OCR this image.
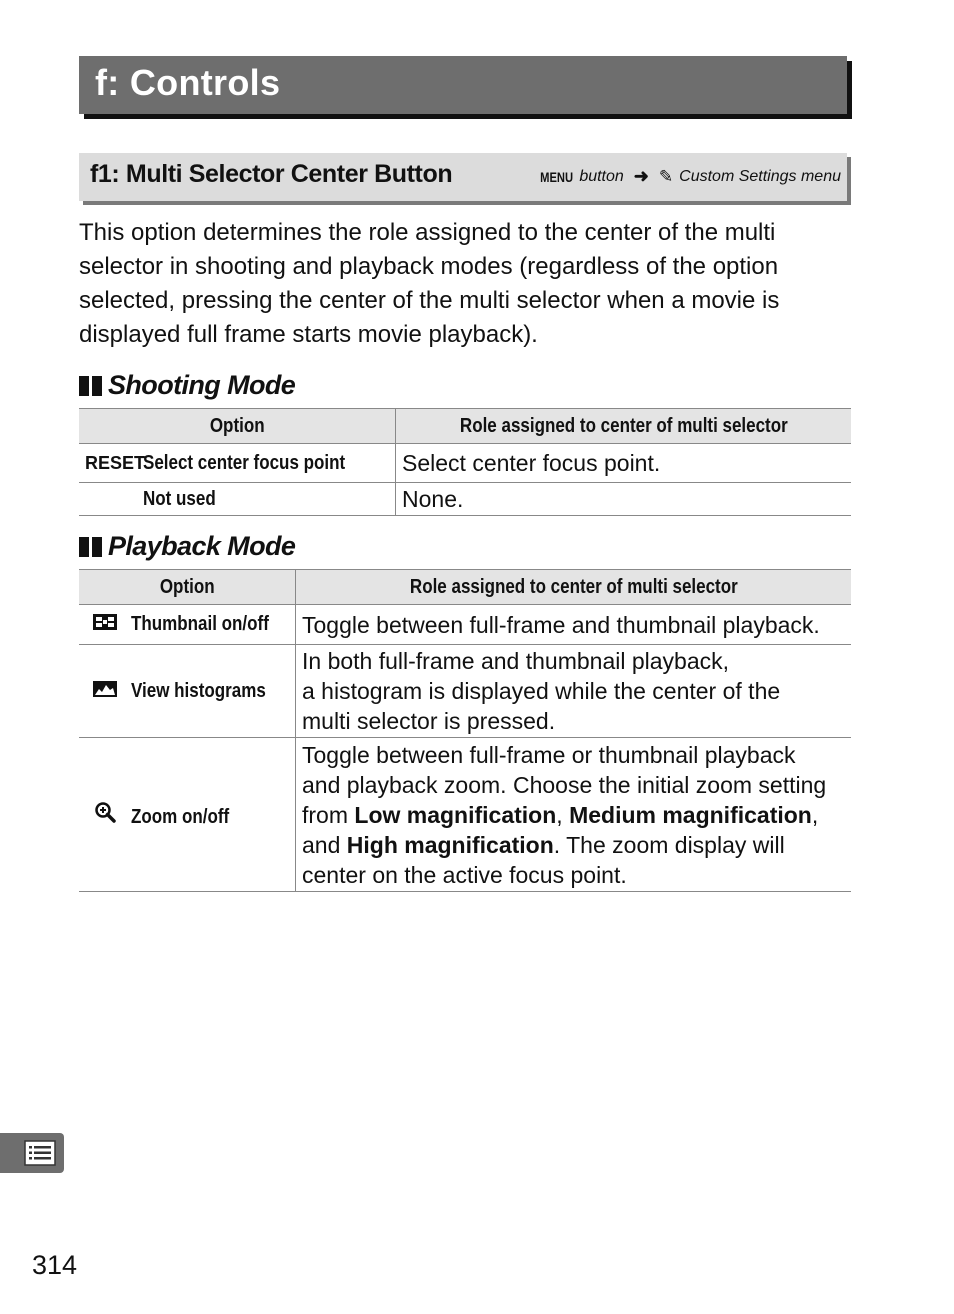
f: Controls
f1: Multi Selector Center Button	MENU button ➜ ✎ Custom Settings menu

This option determines the role assigned to the center of the multi selector in shooting and playback modes (regardless of the option selected, pressing the center of the multi selector when a movie is displayed full frame starts movie playback).

Shooting Mode
Option	Role assigned to center of multi selector
RESETSelect center focus point	Select center focus point.
Not used	None.
Playback Mode
Option	Role assigned to center of multi selector
Thumbnail on/off	Toggle between full-frame and thumbnail playback.
View histograms	In both full-frame and thumbnail playback,
a histogram is displayed while the center of the
multi selector is pressed.

Zoom on/off	Toggle between full-frame or thumbnail playback
and playback zoom. Choose the initial zoom setting
from Low magnification, Medium magnification,
and High magnification. The zoom display will
center on the active focus point.
314
